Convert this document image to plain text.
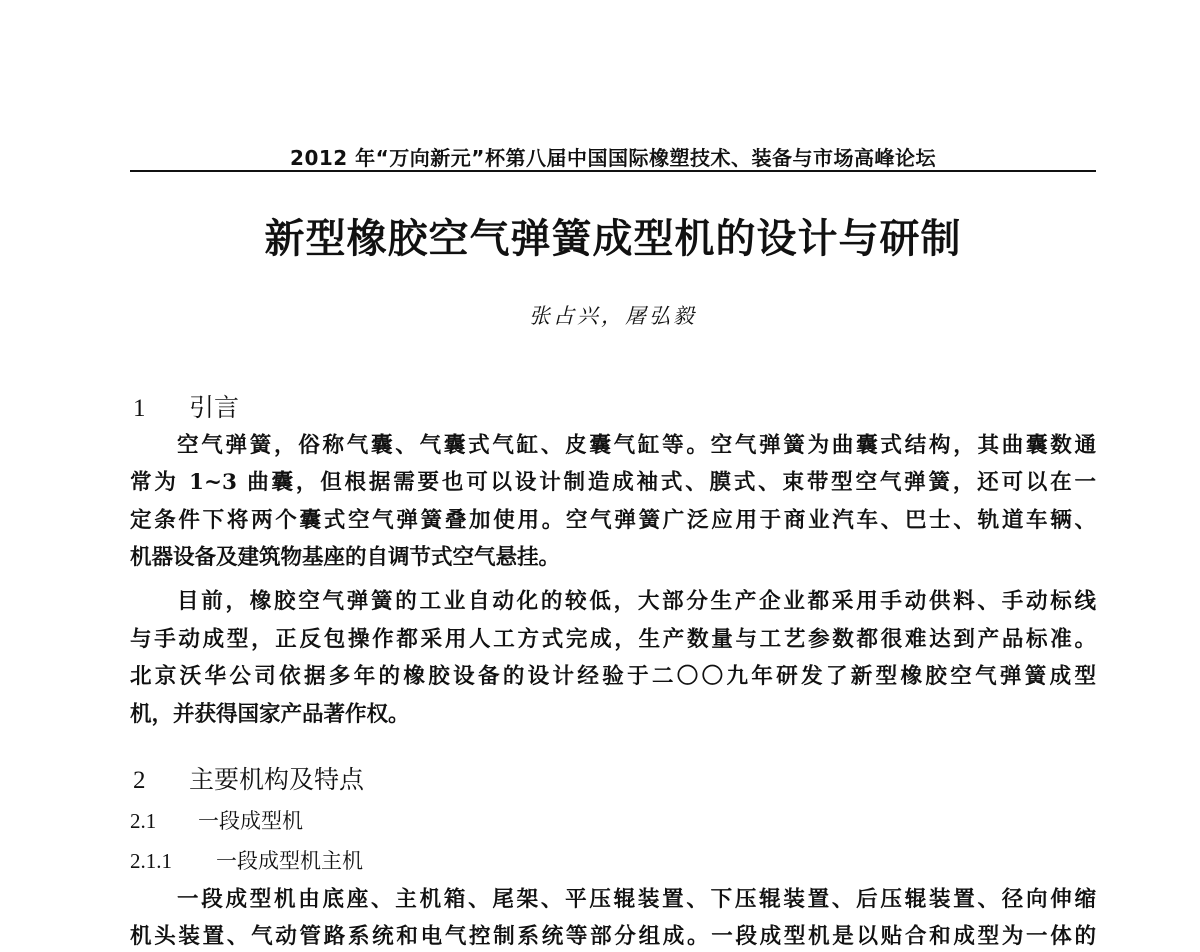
2012 年“万向新元”杯第八届中国国际橡塑技术、装备与市场高峰论坛
新型橡胶空气弹簧成型机的设计与研制
张占兴，屠弘毅
1 引言
空气弹簧，俗称气囊、气囊式气缸、皮囊气缸等。空气弹簧为曲囊式结构，其曲囊数通
常为 1~3 曲囊，但根据需要也可以设计制造成袖式、膜式、束带型空气弹簧，还可以在一
定条件下将两个囊式空气弹簧叠加使用。空气弹簧广泛应用于商业汽车、巴士、轨道车辆、
机器设备及建筑物基座的自调节式空气悬挂。
目前，橡胶空气弹簧的工业自动化的较低，大部分生产企业都采用手动供料、手动标线
与手动成型，正反包操作都采用人工方式完成，生产数量与工艺参数都很难达到产品标准。
北京沃华公司依据多年的橡胶设备的设计经验于二〇〇九年研发了新型橡胶空气弹簧成型
机，并获得国家产品著作权。
2 主要机构及特点
2.1 一段成型机
2.1.1 一段成型机主机
一段成型机由底座、主机箱、尾架、平压辊装置、下压辊装置、后压辊装置、径向伸缩
机头装置、气动管路系统和电气控制系统等部分组成。一段成型机是以贴合和成型为一体的
